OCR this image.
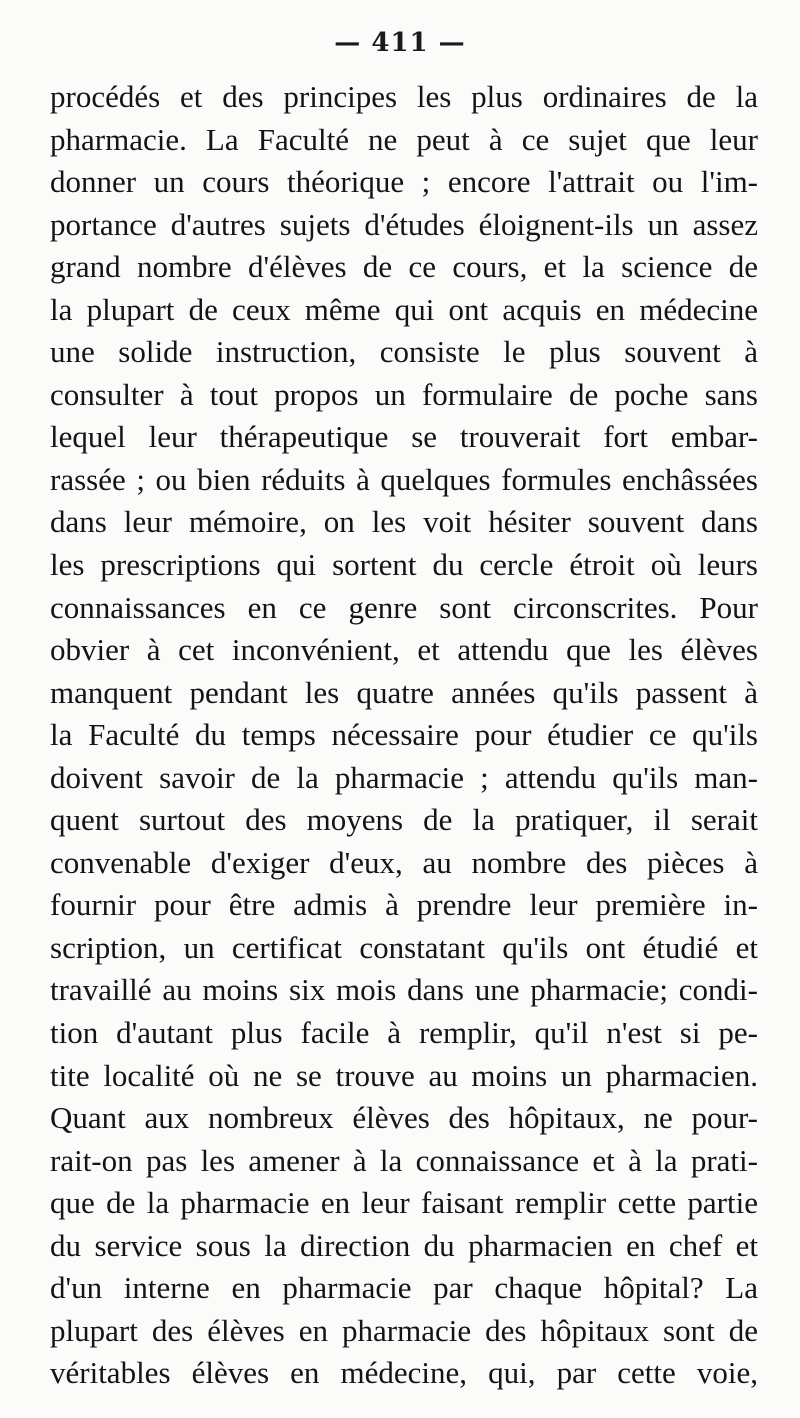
— 411 —
procédés et des principes les plus ordinaires de la
pharmacie. La Faculté ne peut à ce sujet que leur
donner un cours théorique ; encore l'attrait ou l'im-
portance d'autres sujets d'études éloignent-ils un assez
grand nombre d'élèves de ce cours, et la science de
la plupart de ceux même qui ont acquis en médecine
une solide instruction, consiste le plus souvent à
consulter à tout propos un formulaire de poche sans
lequel leur thérapeutique se trouverait fort embar-
rassée ; ou bien réduits à quelques formules enchâssées
dans leur mémoire, on les voit hésiter souvent dans
les prescriptions qui sortent du cercle étroit où leurs
connaissances en ce genre sont circonscrites. Pour
obvier à cet inconvénient, et attendu que les élèves
manquent pendant les quatre années qu'ils passent à
la Faculté du temps nécessaire pour étudier ce qu'ils
doivent savoir de la pharmacie ; attendu qu'ils man-
quent surtout des moyens de la pratiquer, il serait
convenable d'exiger d'eux, au nombre des pièces à
fournir pour être admis à prendre leur première in-
scription, un certificat constatant qu'ils ont étudié et
travaillé au moins six mois dans une pharmacie; condi-
tion d'autant plus facile à remplir, qu'il n'est si pe-
tite localité où ne se trouve au moins un pharmacien.
Quant aux nombreux élèves des hôpitaux, ne pour-
rait-on pas les amener à la connaissance et à la prati-
que de la pharmacie en leur faisant remplir cette partie
du service sous la direction du pharmacien en chef et
d'un interne en pharmacie par chaque hôpital? La
plupart des élèves en pharmacie des hôpitaux sont de
véritables élèves en médecine, qui, par cette voie,
